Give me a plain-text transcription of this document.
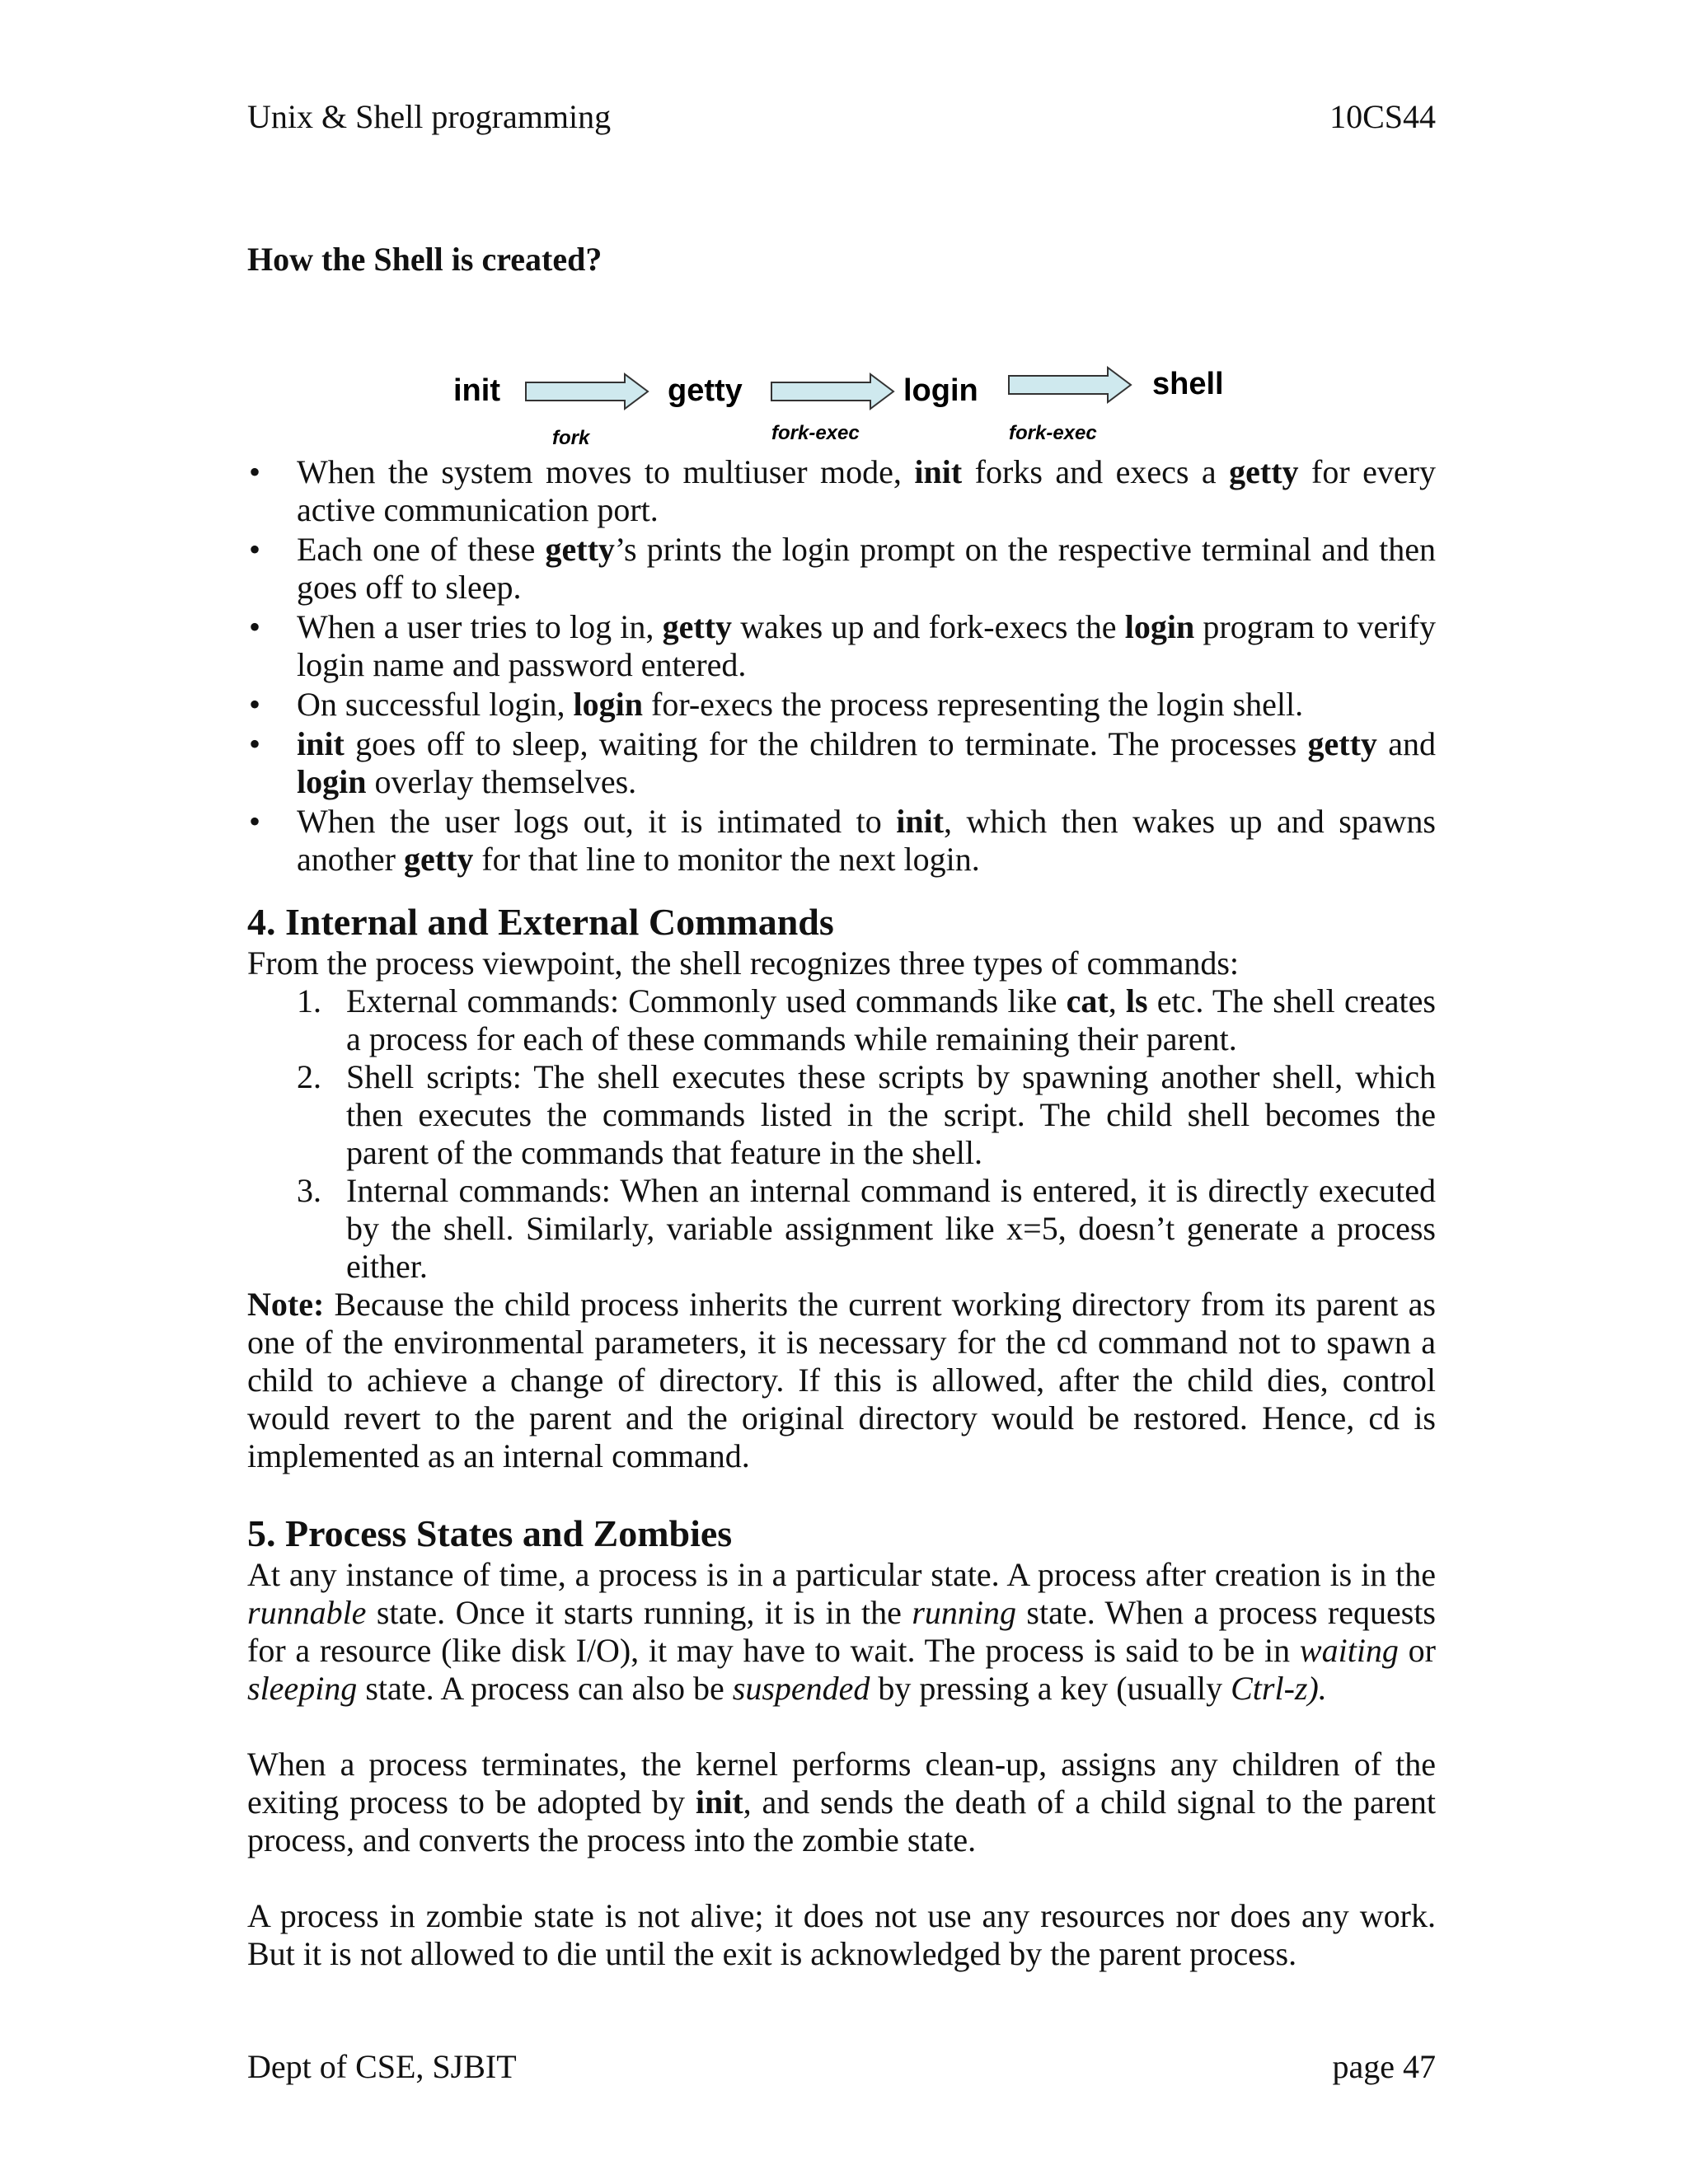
Unix & Shell programming	10CS44
How the Shell is created?
init
fork
getty
fork-exec
login
fork-exec
shell
• When the system moves to multiuser mode, init forks and execs a getty for every active communication port.
• Each one of these getty’s prints the login prompt on the respective terminal and then goes off to sleep.
• When a user tries to log in, getty wakes up and fork-execs the login program to verify login name and password entered.
• On successful login, login for-execs the process representing the login shell.
• init goes off to sleep, waiting for the children to terminate. The processes getty and login overlay themselves.
• When the user logs out, it is intimated to init, which then wakes up and spawns another getty for that line to monitor the next login.
4. Internal and External Commands

From the process viewpoint, the shell recognizes three types of commands:

1. External commands: Commonly used commands like cat, ls etc. The shell creates a process for each of these commands while remaining their parent.
2. Shell scripts: The shell executes these scripts by spawning another shell, which then executes the commands listed in the script. The child shell becomes the parent of the commands that feature in the shell.
3. Internal commands: When an internal command is entered, it is directly executed by the shell. Similarly, variable assignment like x=5, doesn’t generate a process either.

Note: Because the child process inherits the current working directory from its parent as one of the environmental parameters, it is necessary for the cd command not to spawn a child to achieve a change of directory. If this is allowed, after the child dies, control would revert to the parent and the original directory would be restored. Hence, cd is implemented as an internal command.

5. Process States and Zombies

At any instance of time, a process is in a particular state. A process after creation is in the runnable state. Once it starts running, it is in the running state. When a process requests for a resource (like disk I/O), it may have to wait. The process is said to be in waiting or sleeping state. A process can also be suspended by pressing a key (usually Ctrl-z).

When a process terminates, the kernel performs clean-up, assigns any children of the exiting process to be adopted by init, and sends the death of a child signal to the parent process, and converts the process into the zombie state.

A process in zombie state is not alive; it does not use any resources nor does any work. But it is not allowed to die until the exit is acknowledged by the parent process.

Dept of CSE, SJBIT	page 47
